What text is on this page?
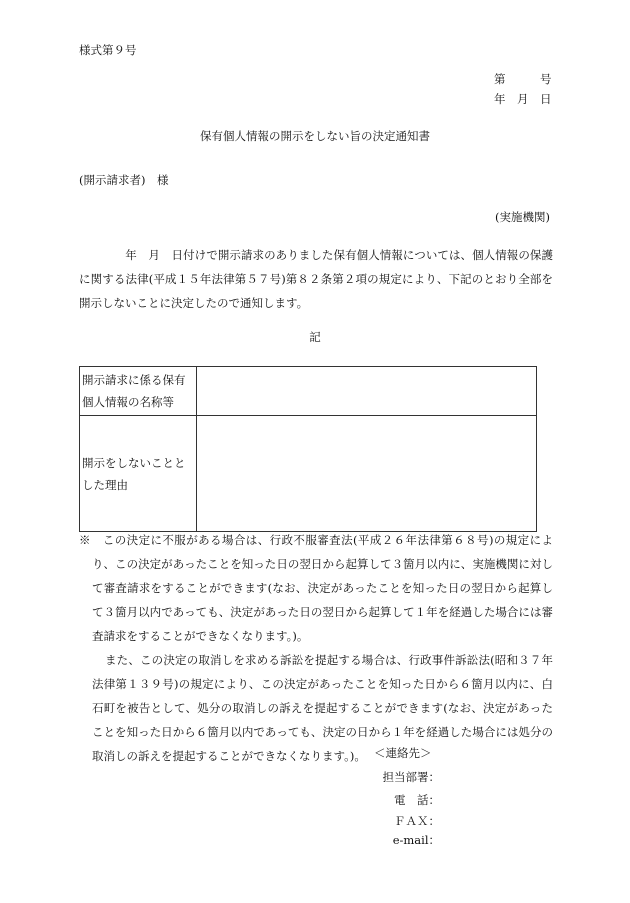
様式第９号
第　　　号
年　月　日
保有個人情報の開示をしない旨の決定通知書
(開示請求者)　様
(実施機関)
　　　　年　月　日付けで開示請求のありました保有個人情報については、個人情報の保護に関する法律(平成１５年法律第５７号)第８２条第２項の規定により、下記のとおり全部を開示しないことに決定したので通知します。
記
開示請求に係る保有個人情報の名称等	
開示をしないこととした理由	

※　この決定に不服がある場合は、行政不服審査法(平成２６年法律第６８号)の規定により、この決定があったことを知った日の翌日から起算して３箇月以内に、実施機関に対して審査請求をすることができます(なお、決定があったことを知った日の翌日から起算して３箇月以内であっても、決定があった日の翌日から起算して１年を経過した場合には審査請求をすることができなくなります。)。

また、この決定の取消しを求める訴訟を提起する場合は、行政事件訴訟法(昭和３７年法律第１３９号)の規定により、この決定があったことを知った日から６箇月以内に、白石町を被告として、処分の取消しの訴えを提起することができます(なお、決定があったことを知った日から６箇月以内であっても、決定の日から１年を経過した場合には処分の取消しの訴えを提起することができなくなります。)。 ＜連絡先＞
担当部署：
電　話：
ＦＡＸ：
e-mail：
